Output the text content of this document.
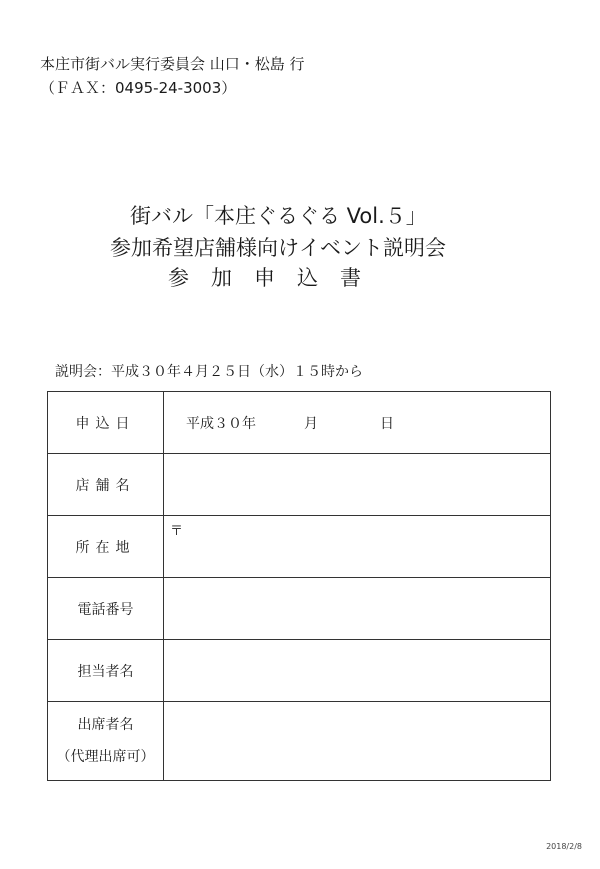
本庄市街バル実行委員会 山口・松島 行
（ＦＡＸ：0495-24-3003）
街バル「本庄ぐるぐる Vol.５」
参加希望店舗様向けイベント説明会
参加申込書
説明会：平成３０年４月２５日（水）１５時から
申込日	平成３０年 月 日

店舗名	
所在地	〒

電話番号	
担当者名	
出席者名
（代理出席可）	

2018/2/8
